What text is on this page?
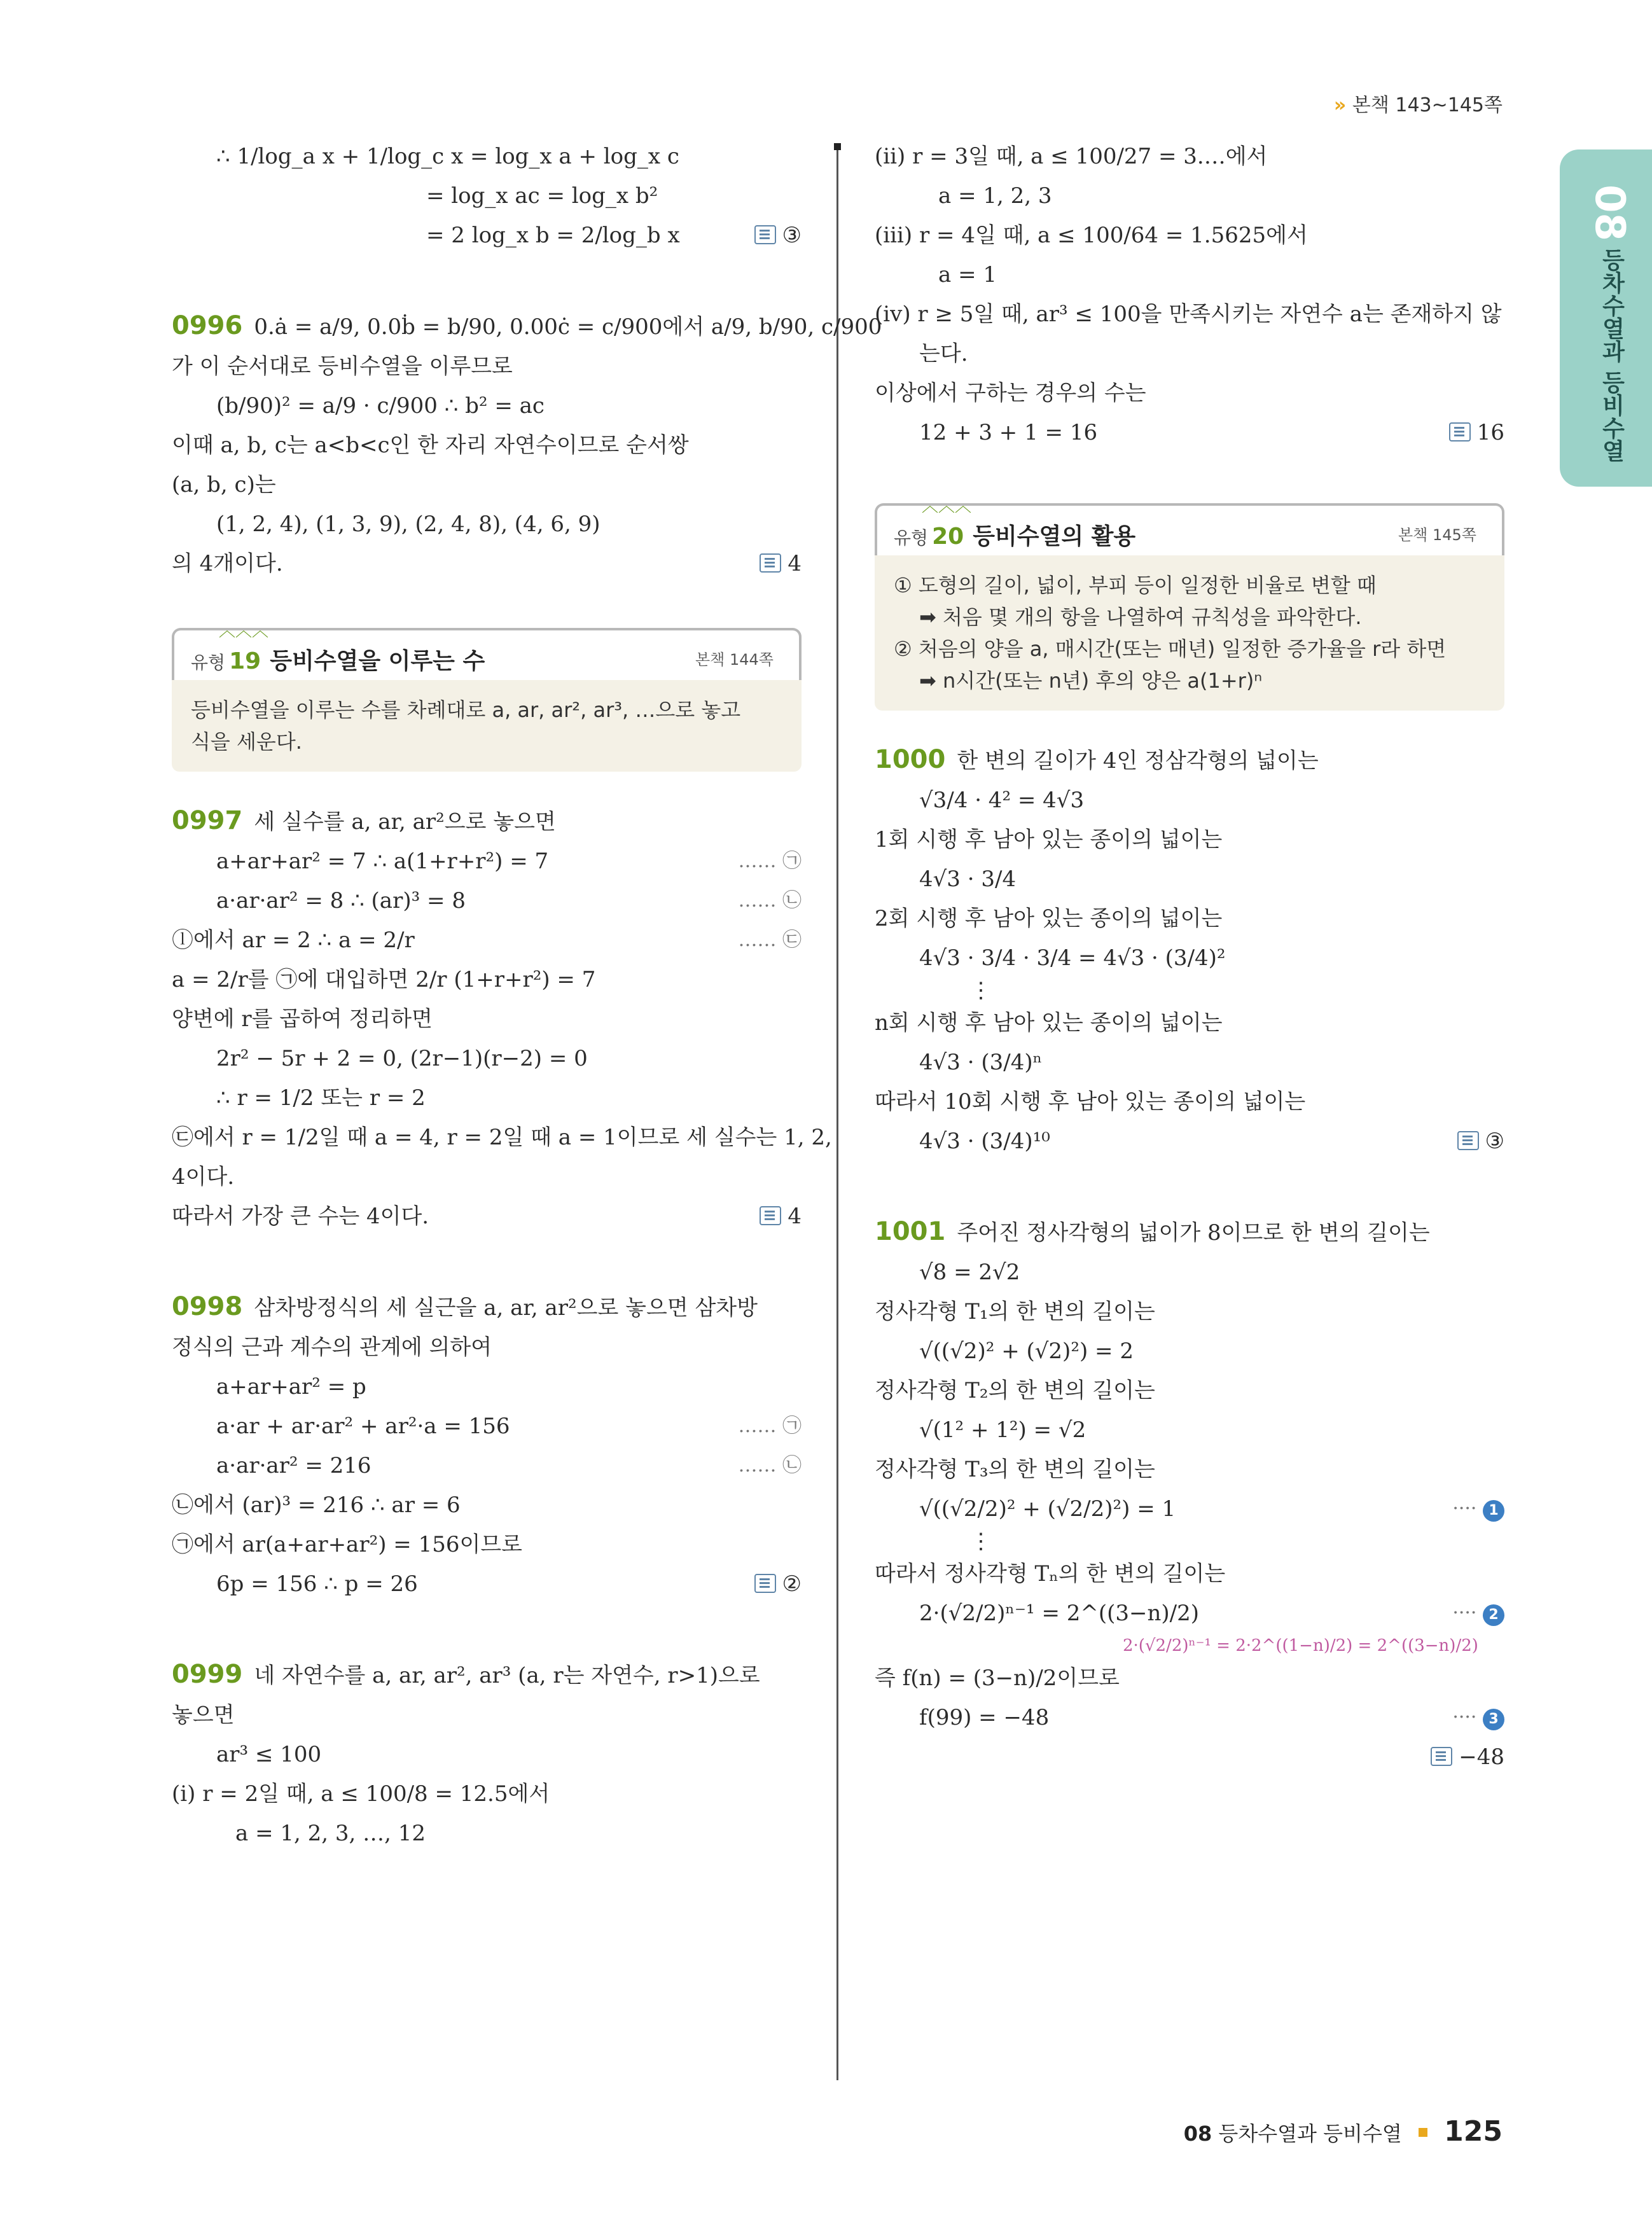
» 본책 143~145쪽
08
등차수열과 등비수열
∴ 1/log_a x + 1/log_c x = log_x a + log_x c
= log_x ac = log_x b²
= 2 log_x b = 2/log_b x	③
0996 0.ȧ = a/9, 0.0ḃ = b/90, 0.00ċ = c/900에서 a/9, b/90, c/900
가 이 순서대로 등비수열을 이루므로
(b/90)² = a/9 · c/900 ∴ b² = ac
이때 a, b, c는 a<b<c인 한 자리 자연수이므로 순서쌍
(a, b, c)는
(1, 2, 4), (1, 3, 9), (2, 4, 8), (4, 6, 9)
의 4개이다.	4
︿︿︿
유형 19 등비수열을 이루는 수	본책 144쪽
등비수열을 이루는 수를 차례대로 a, ar, ar², ar³, …으로 놓고
식을 세운다.
0997 세 실수를 a, ar, ar²으로 놓으면
a+ar+ar² = 7 ∴ a(1+r+r²) = 7	…… ㉠
a·ar·ar² = 8 ∴ (ar)³ = 8	…… ㉡
ⓛ에서 ar = 2 ∴ a = 2/r	…… ㉢
a = 2/r를 ㉠에 대입하면 2/r (1+r+r²) = 7
양변에 r를 곱하여 정리하면
2r² − 5r + 2 = 0, (2r−1)(r−2) = 0
∴ r = 1/2 또는 r = 2
㉢에서 r = 1/2일 때 a = 4, r = 2일 때 a = 1이므로 세 실수는 1, 2,
4이다.
따라서 가장 큰 수는 4이다.	4
0998 삼차방정식의 세 실근을 a, ar, ar²으로 놓으면 삼차방
정식의 근과 계수의 관계에 의하여
a+ar+ar² = p
a·ar + ar·ar² + ar²·a = 156	…… ㉠
a·ar·ar² = 216	…… ㉡
㉡에서 (ar)³ = 216 ∴ ar = 6
㉠에서 ar(a+ar+ar²) = 156이므로
6p = 156 ∴ p = 26	②
0999 네 자연수를 a, ar, ar², ar³ (a, r는 자연수, r>1)으로
놓으면
ar³ ≤ 100
(i) r = 2일 때, a ≤ 100/8 = 12.5에서
a = 1, 2, 3, …, 12
(ii) r = 3일 때, a ≤ 100/27 = 3.…에서
a = 1, 2, 3
(iii) r = 4일 때, a ≤ 100/64 = 1.5625에서
a = 1
(iv) r ≥ 5일 때, ar³ ≤ 100을 만족시키는 자연수 a는 존재하지 않
는다.
이상에서 구하는 경우의 수는
12 + 3 + 1 = 16	16
︿︿︿
유형 20 등비수열의 활용	본책 145쪽
① 도형의 길이, 넓이, 부피 등이 일정한 비율로 변할 때
➡ 처음 몇 개의 항을 나열하여 규칙성을 파악한다.
② 처음의 양을 a, 매시간(또는 매년) 일정한 증가율을 r라 하면
➡ n시간(또는 n년) 후의 양은 a(1+r)ⁿ
1000 한 변의 길이가 4인 정삼각형의 넓이는
√3/4 · 4² = 4√3
1회 시행 후 남아 있는 종이의 넓이는
4√3 · 3/4
2회 시행 후 남아 있는 종이의 넓이는
4√3 · 3/4 · 3/4 = 4√3 · (3/4)²
⋮
n회 시행 후 남아 있는 종이의 넓이는
4√3 · (3/4)ⁿ
따라서 10회 시행 후 남아 있는 종이의 넓이는
4√3 · (3/4)¹⁰	③
1001 주어진 정사각형의 넓이가 8이므로 한 변의 길이는
√8 = 2√2
정사각형 T₁의 한 변의 길이는
√((√2)² + (√2)²) = 2
정사각형 T₂의 한 변의 길이는
√(1² + 1²) = √2
정사각형 T₃의 한 변의 길이는
√((√2/2)² + (√2/2)²) = 1	···· 1
⋮
따라서 정사각형 Tₙ의 한 변의 길이는
2·(√2/2)ⁿ⁻¹ = 2^((3−n)/2)	···· 2
2·(√2/2)ⁿ⁻¹ = 2·2^((1−n)/2) = 2^((3−n)/2)
즉 f(n) = (3−n)/2이므로
f(99) = −48	···· 3
−48
08 등차수열과 등비수열 125
